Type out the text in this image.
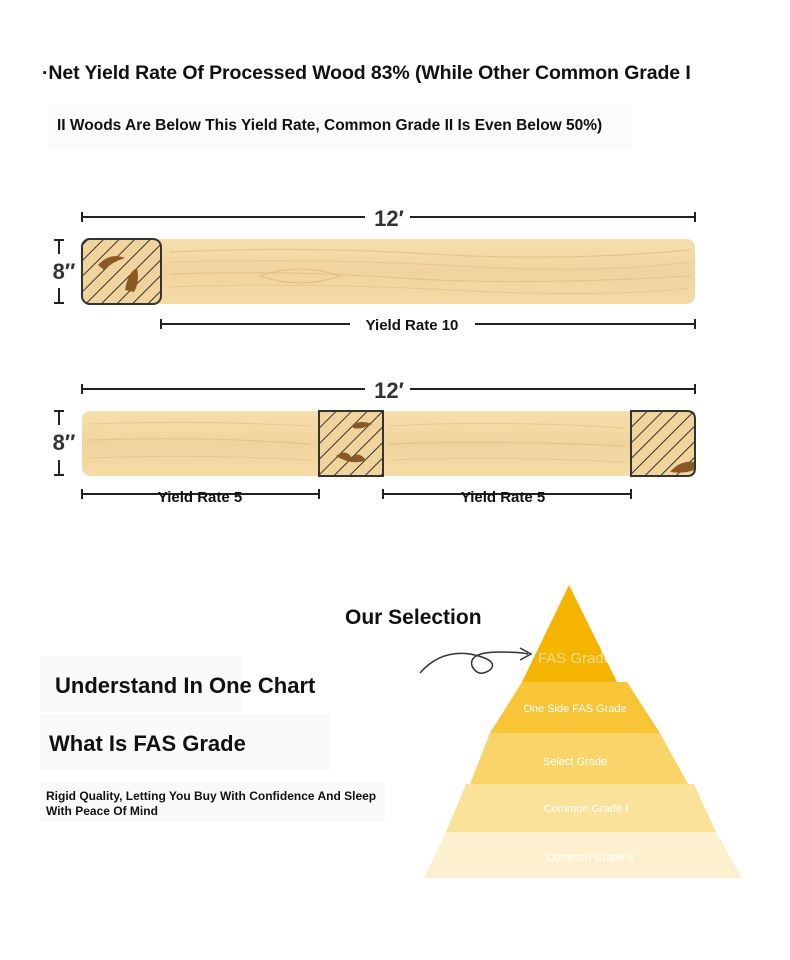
·Net Yield Rate Of Processed Wood 83% (While Other Common Grade I
II Woods Are Below This Yield Rate, Common Grade II Is Even Below 50%)
12′
8″
Yield Rate 10
12′
8″
Yield Rate 5	Yield Rate 5
Understand In One Chart
What Is FAS Grade
Rigid Quality, Letting You Buy With Confidence And Sleep With Peace Of Mind
Our Selection
FAS Grade
One Side FAS Grade
Select Grade
Common Grade I
Common Grade II
